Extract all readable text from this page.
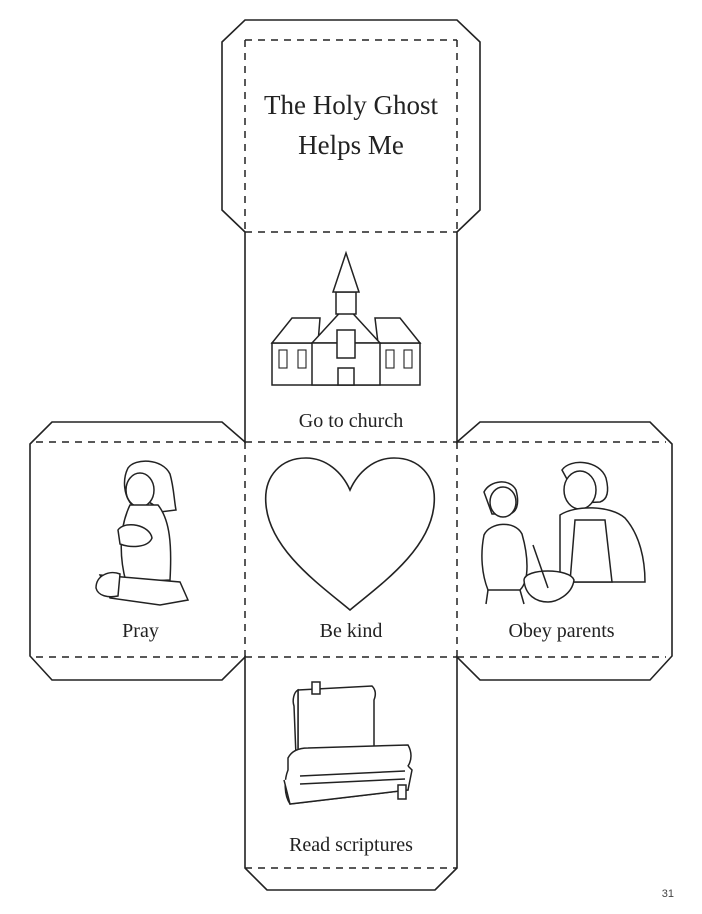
The Holy Ghost
Helps Me
Go to church
Pray	Be kind	Obey parents
Read scriptures
31
